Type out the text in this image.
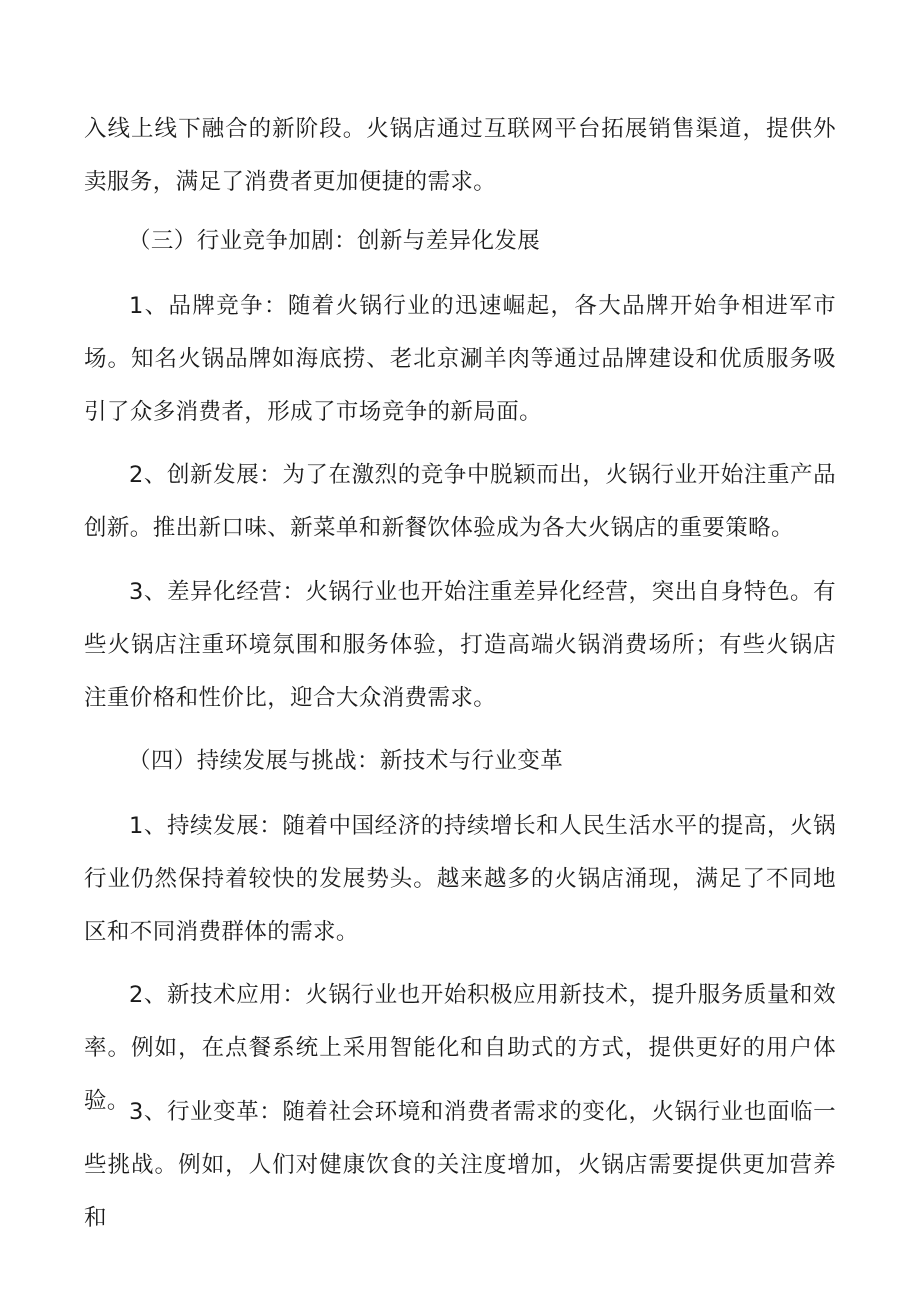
入线上线下融合的新阶段。火锅店通过互联网平台拓展销售渠道，提供外卖服务，满足了消费者更加便捷的需求。

（三）行业竞争加剧：创新与差异化发展

1、品牌竞争：随着火锅行业的迅速崛起，各大品牌开始争相进军市场。知名火锅品牌如海底捞、老北京涮羊肉等通过品牌建设和优质服务吸引了众多消费者，形成了市场竞争的新局面。

2、创新发展：为了在激烈的竞争中脱颖而出，火锅行业开始注重产品创新。推出新口味、新菜单和新餐饮体验成为各大火锅店的重要策略。

3、差异化经营：火锅行业也开始注重差异化经营，突出自身特色。有些火锅店注重环境氛围和服务体验，打造高端火锅消费场所；有些火锅店注重价格和性价比，迎合大众消费需求。

（四）持续发展与挑战：新技术与行业变革

1、持续发展：随着中国经济的持续增长和人民生活水平的提高，火锅行业仍然保持着较快的发展势头。越来越多的火锅店涌现，满足了不同地区和不同消费群体的需求。

2、新技术应用：火锅行业也开始积极应用新技术，提升服务质量和效率。例如，在点餐系统上采用智能化和自助式的方式，提供更好的用户体验。 3、行业变革：随着社会环境和消费者需求的变化，火锅行业也面临一些挑战。例如，人们对健康饮食的关注度增加，火锅店需要提供更加营养和
